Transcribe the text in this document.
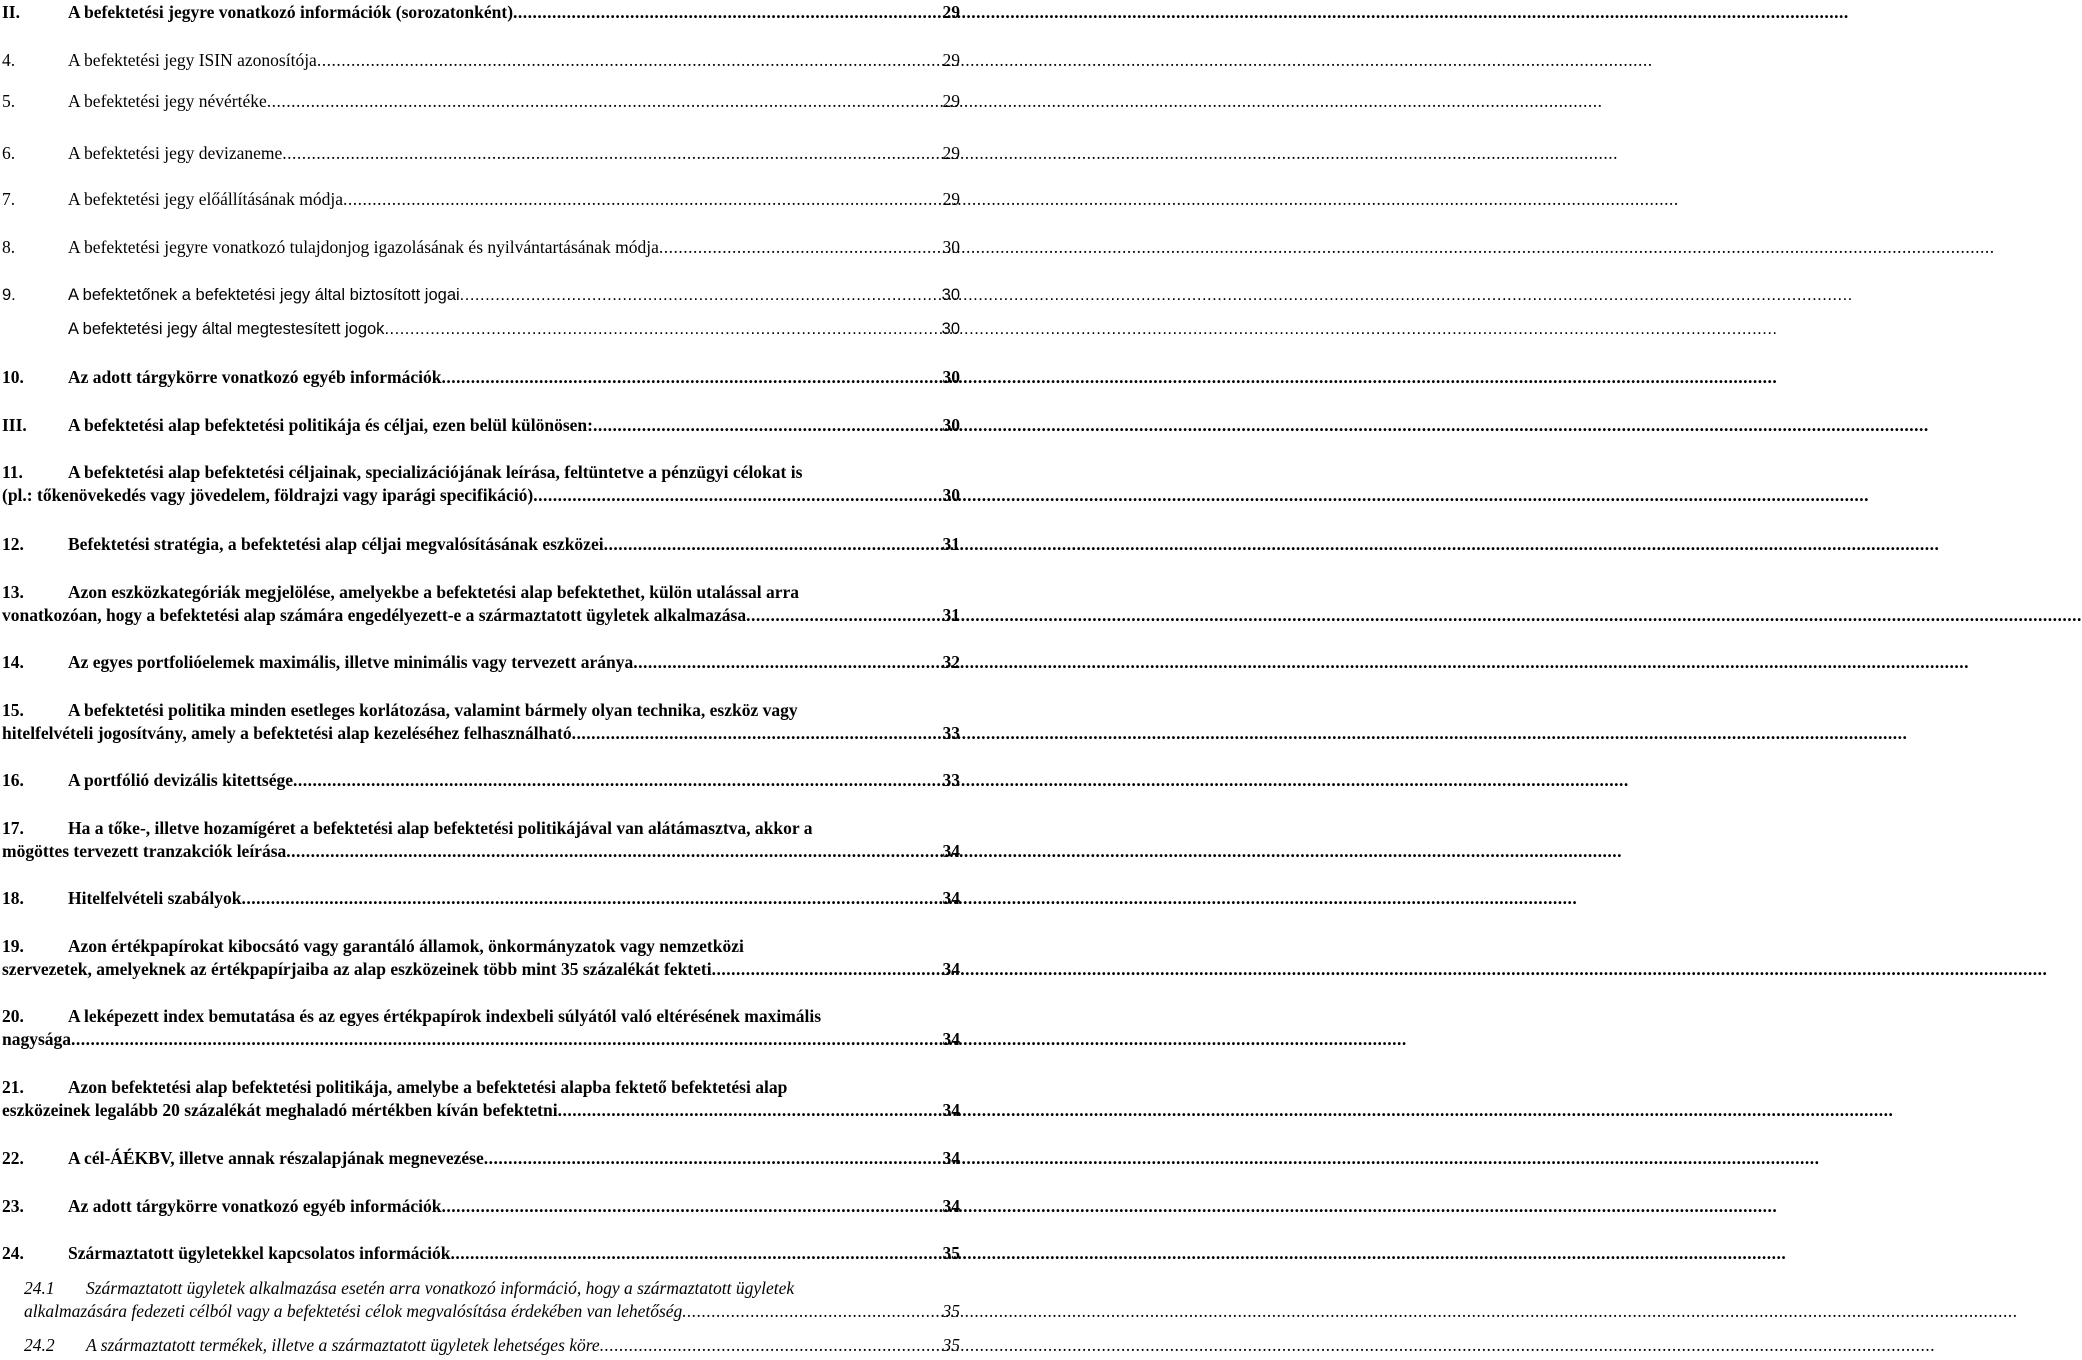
II.	A befektetési jegyre vonatkozó információk (sorozatonként) .....	29
4.	A befektetési jegy ISIN azonosítója .....	29
5.	A befektetési jegy névértéke .....	29
6.	A befektetési jegy devizaneme .....	29
7.	A befektetési jegy előállításának módja .....	29
8.	A befektetési jegyre vonatkozó tulajdonjog igazolásának és nyilvántartásának módja .....	30
9.	A befektetőnek a befektetési jegy által biztosított jogai .....	30
A befektetési jegy által megtestesített jogok .....	30
10.	Az adott tárgykörre vonatkozó egyéb információk .....	30
III.	A befektetési alap befektetési politikája és céljai, ezen belül különösen: .....	30
11.	A befektetési alap befektetési céljainak, specializációjának leírása, feltüntetve a pénzügyi célokat is
(pl.: tőkenövekedés vagy jövedelem, földrajzi vagy iparági specifikáció) .....	30
12.	Befektetési stratégia, a befektetési alap céljai megvalósításának eszközei .....	31
13.	Azon eszközkategóriák megjelölése, amelyekbe a befektetési alap befektethet, külön utalással arra
vonatkozóan, hogy a befektetési alap számára engedélyezett-e a származtatott ügyletek alkalmazása .....	31
14.	Az egyes portfolióelemek maximális, illetve minimális vagy tervezett aránya .....	32
15.	A befektetési politika minden esetleges korlátozása, valamint bármely olyan technika, eszköz vagy
hitelfelvételi jogosítvány, amely a befektetési alap kezeléséhez felhasználható .....	33
16.	A portfólió devizális kitettsége .....	33
17.	Ha a tőke-, illetve hozamígéret a befektetési alap befektetési politikájával van alátámasztva, akkor a
mögöttes tervezett tranzakciók leírása .....	34
18.	Hitelfelvételi szabályok .....	34
19.	Azon értékpapírokat kibocsátó vagy garantáló államok, önkormányzatok vagy nemzetközi
szervezetek, amelyeknek az értékpapírjaiba az alap eszközeinek több mint 35 százalékát fekteti .....	34
20.	A leképezett index bemutatása és az egyes értékpapírok indexbeli súlyától való eltérésének maximális
nagysága .....	34
21.	Azon befektetési alap befektetési politikája, amelybe a befektetési alapba fektető befektetési alap
eszközeinek legalább 20 százalékát meghaladó mértékben kíván befektetni .....	34
22.	A cél-ÁÉKBV, illetve annak részalapjának megnevezése .....	34
23.	Az adott tárgykörre vonatkozó egyéb információk .....	34
24.	Származtatott ügyletekkel kapcsolatos információk .....	35
24.1	Származtatott ügyletek alkalmazása esetén arra vonatkozó információ, hogy a származtatott ügyletek
alkalmazására fedezeti célból vagy a befektetési célok megvalósítása érdekében van lehetőség .....	35
24.2	A származtatott termékek, illetve a származtatott ügyletek lehetséges köre .....	35
